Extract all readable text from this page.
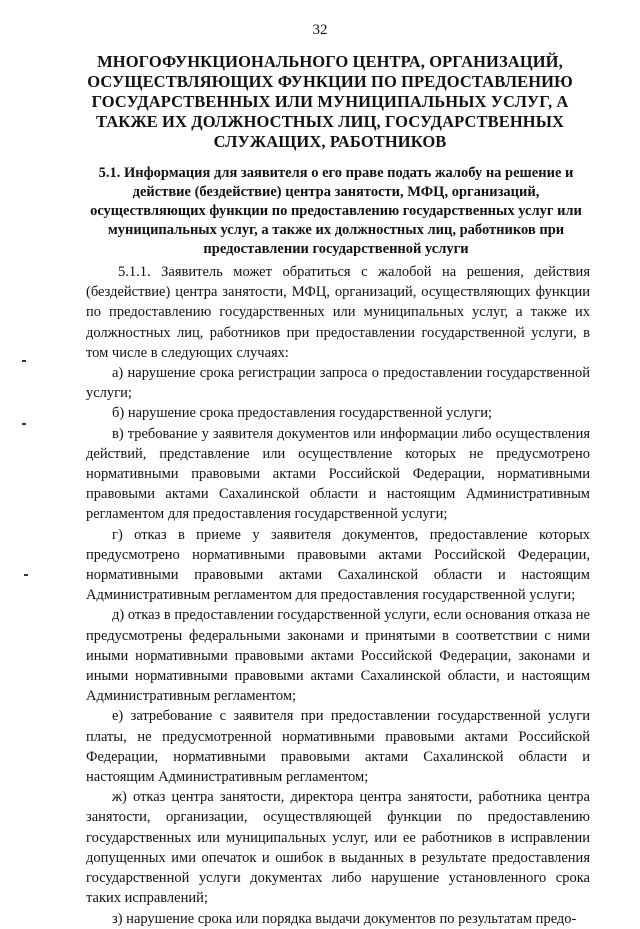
32
МНОГОФУНКЦИОНАЛЬНОГО ЦЕНТРА, ОРГАНИЗАЦИЙ, ОСУЩЕСТВЛЯЮЩИХ ФУНКЦИИ ПО ПРЕДОСТАВЛЕНИЮ ГОСУДАРСТВЕННЫХ ИЛИ МУНИЦИПАЛЬНЫХ УСЛУГ, А ТАКЖЕ ИХ ДОЛЖНОСТНЫХ ЛИЦ, ГОСУДАРСТВЕННЫХ СЛУЖАЩИХ, РАБОТНИКОВ
5.1. Информация для заявителя о его праве подать жалобу на решение и действие (бездействие) центра занятости, МФЦ, организаций, осуществляющих функции по предоставлению государственных услуг или муниципальных услуг, а также их должностных лиц, работников при предоставлении государственной услуги

5.1.1. Заявитель может обратиться с жалобой на решения, действия (бездействие) центра занятости, МФЦ, организаций, осуществляющих функции по предоставлению государственных или муниципальных услуг, а также их должностных лиц, работников при предоставлении государственной услуги, в том числе в следующих случаях:

а) нарушение срока регистрации запроса о предоставлении государственной услуги;

б) нарушение срока предоставления государственной услуги;

в) требование у заявителя документов или информации либо осуществления действий, представление или осуществление которых не предусмотрено нормативными правовыми актами Российской Федерации, нормативными правовыми актами Сахалинской области и настоящим Административным регламентом для предоставления государственной услуги;

г) отказ в приеме у заявителя документов, предоставление которых предусмотрено нормативными правовыми актами Российской Федерации, нормативными правовыми актами Сахалинской области и настоящим Административным регламентом для предоставления государственной услуги;

д) отказ в предоставлении государственной услуги, если основания отказа не предусмотрены федеральными законами и принятыми в соответствии с ними иными нормативными правовыми актами Российской Федерации, законами и иными нормативными правовыми актами Сахалинской области, и настоящим Административным регламентом;

е) затребование с заявителя при предоставлении государственной услуги платы, не предусмотренной нормативными правовыми актами Российской Федерации, нормативными правовыми актами Сахалинской области и настоящим Административным регламентом;

ж) отказ центра занятости, директора центра занятости, работника центра занятости, организации, осуществляющей функции по предоставлению государственных или муниципальных услуг, или ее работников в исправлении допущенных ими опечаток и ошибок в выданных в результате предоставления государственной услуги документах либо нарушение установленного срока таких исправлений;

з) нарушение срока или порядка выдачи документов по результатам предо-
